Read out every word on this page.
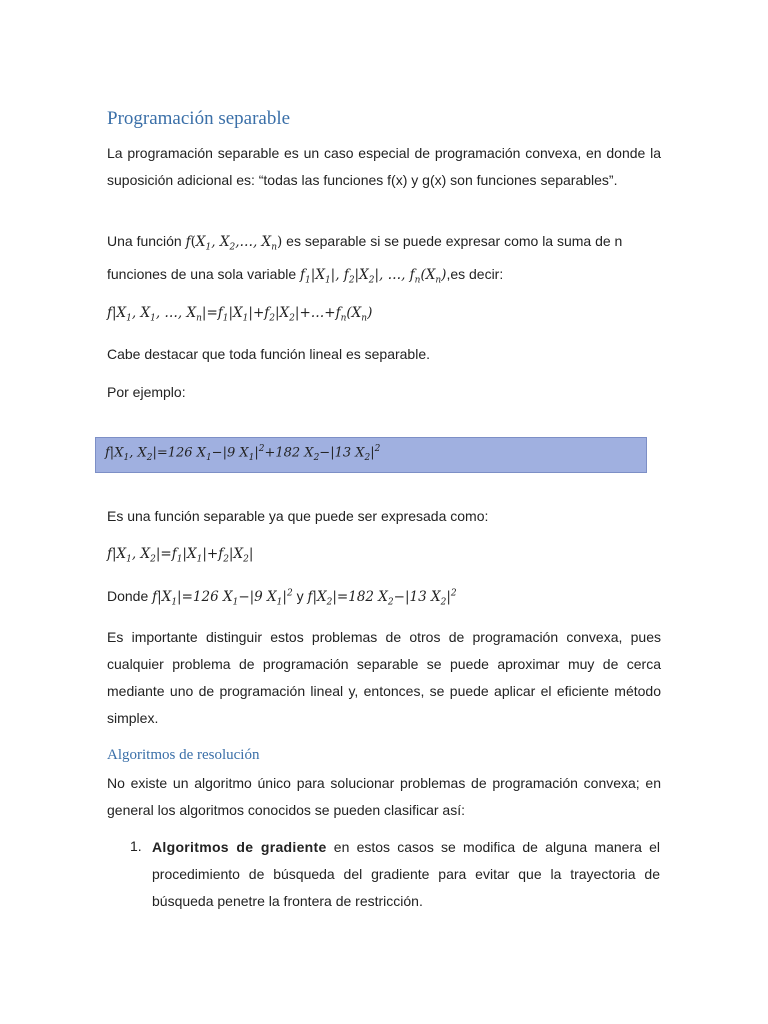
Programación separable
La programación separable es un caso especial de programación convexa, en donde la suposición adicional es: “todas las funciones f(x) y g(x) son funciones separables”.
Una función $f(X_1$, $X_2,\dots$, $X_n$) es separable si se puede expresar como la suma de n
funciones de una sola variable $f_1|X_1|$, $f_2|X_2|$, …, $f_n(X_n),es$ decir:
$f|X_1$, $X_1$, …, $X_n|=f_1|X_1|+f_2|X_2|+\dots+f_n(X_n)$
Cabe destacar que toda función lineal es separable.
Por ejemplo:
Es una función separable ya que puede ser expresada como:
$f|X_1$, $X_2|=f_1|X_1|+f_2|X_2|$
Donde $f|X_1|=126$ $X_1-|9$ $X_1|^2$ y $f|X_2|=182$ $X_2-|13$ $X_2|^2$
Es importante distinguir estos problemas de otros de programación convexa, pues cualquier problema de programación separable se puede aproximar muy de cerca mediante uno de programación lineal y, entonces, se puede aplicar el eficiente método simplex.
Algoritmos de resolución
No existe un algoritmo único para solucionar problemas de programación convexa; en general los algoritmos conocidos se pueden clasificar así:
$f|X_1$, $X_2|=126$ $X_1-|9$ $X_1|^2+182$ $X_2-|13$ $X_2|^2$
1. Algoritmos de gradiente en estos casos se modifica de alguna manera el procedimiento de búsqueda del gradiente para evitar que la trayectoria de búsqueda penetre la frontera de restricción.
